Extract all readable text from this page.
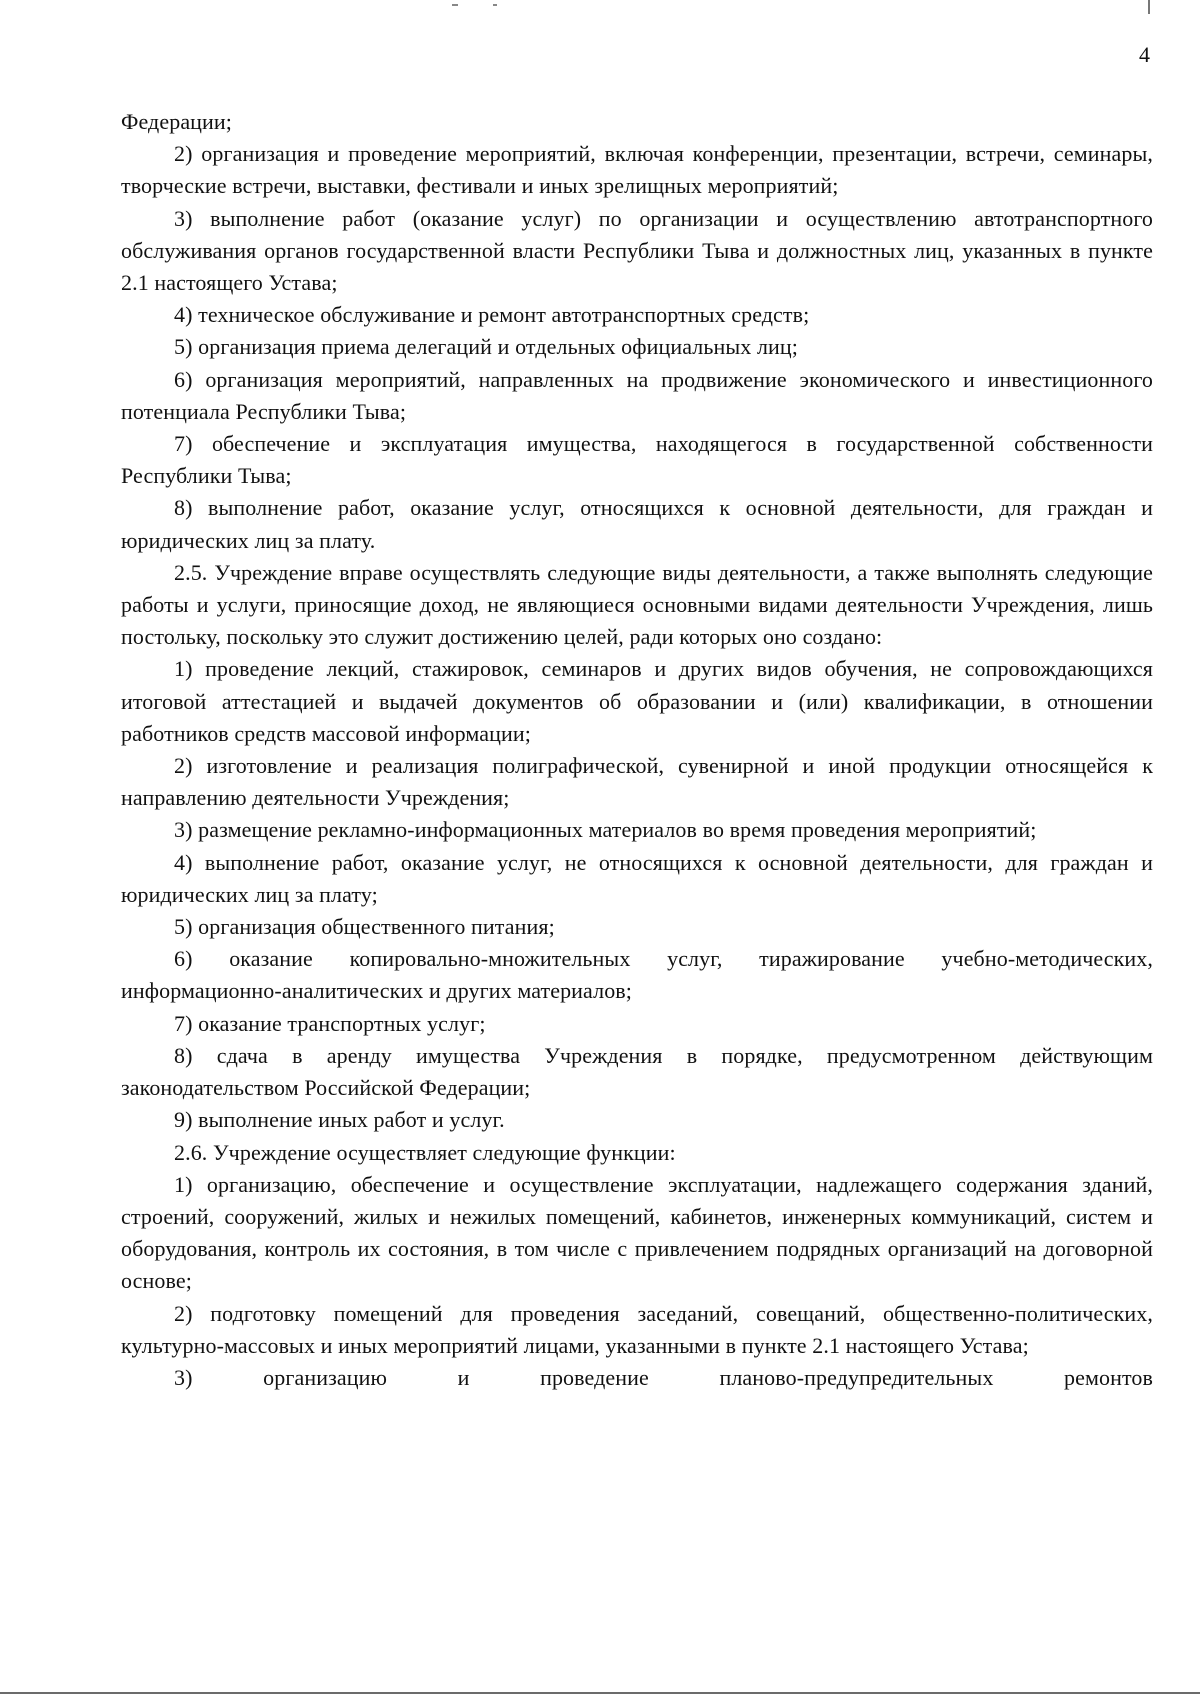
4

Федерации;

2) организация и проведение мероприятий, включая конференции, презентации, встречи, семинары, творческие встречи, выставки, фестивали и иных зрелищных мероприятий;

3) выполнение работ (оказание услуг) по организации и осуществлению автотранспортного обслуживания органов государственной власти Республики Тыва и должностных лиц, указанных в пункте 2.1 настоящего Устава;

4) техническое обслуживание и ремонт автотранспортных средств;

5) организация приема делегаций и отдельных официальных лиц;

6) организация мероприятий, направленных на продвижение экономического и инвестиционного потенциала Республики Тыва;

7) обеспечение и эксплуатация имущества, находящегося в государственной собственности Республики Тыва;

8) выполнение работ, оказание услуг, относящихся к основной деятельности, для граждан и юридических лиц за плату.

2.5. Учреждение вправе осуществлять следующие виды деятельности, а также выполнять следующие работы и услуги, приносящие доход, не являющиеся основными видами деятельности Учреждения, лишь постольку, поскольку это служит достижению целей, ради которых оно создано:

1) проведение лекций, стажировок, семинаров и других видов обучения, не сопровождающихся итоговой аттестацией и выдачей документов об образовании и (или) квалификации, в отношении работников средств массовой информации;

2) изготовление и реализация полиграфической, сувенирной и иной продукции относящейся к направлению деятельности Учреждения;

3) размещение рекламно-информационных материалов во время проведения мероприятий;

4) выполнение работ, оказание услуг, не относящихся к основной деятельности, для граждан и юридических лиц за плату;

5) организация общественного питания;

6) оказание копировально-множительных услуг, тиражирование учебно-методических, информационно-аналитических и других материалов;

7) оказание транспортных услуг;

8) сдача в аренду имущества Учреждения в порядке, предусмотренном действующим законодательством Российской Федерации;

9) выполнение иных работ и услуг.

2.6. Учреждение осуществляет следующие функции:

1) организацию, обеспечение и осуществление эксплуатации, надлежащего содержания зданий, строений, сооружений, жилых и нежилых помещений, кабинетов, инженерных коммуникаций, систем и оборудования, контроль их состояния, в том числе с привлечением подрядных организаций на договорной основе;

2) подготовку помещений для проведения заседаний, совещаний, общественно-политических, культурно-массовых и иных мероприятий лицами, указанными в пункте 2.1 настоящего Устава;

3) организацию и проведение планово-предупредительных ремонтов
